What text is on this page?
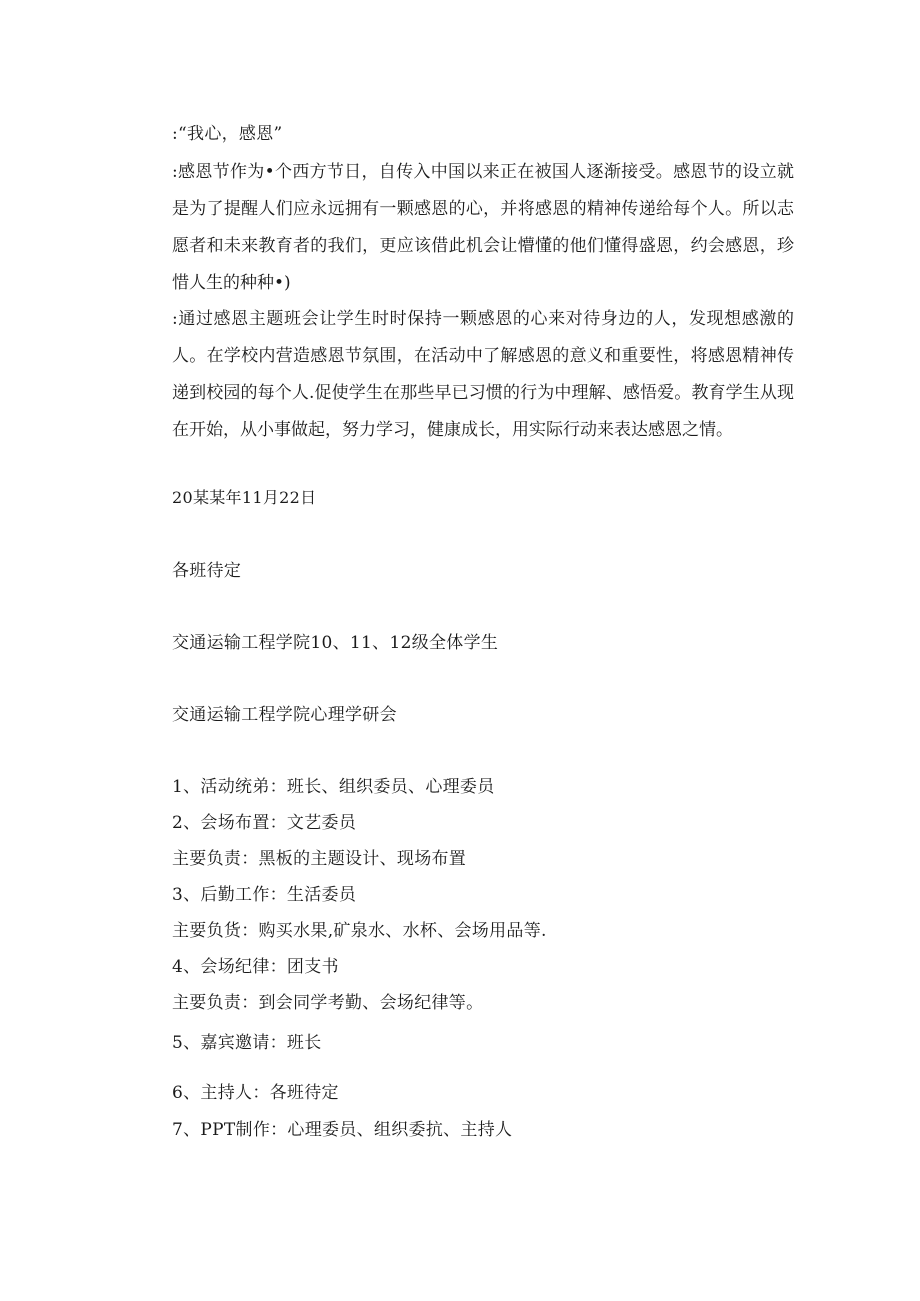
:“我心，感恩”
:感恩节作为•个西方节日，自传入中国以来正在被国人逐渐接受。感恩节的设立就是为了提醒人们应永远拥有一颗感恩的心，并将感恩的精神传递给每个人。所以志愿者和未来教育者的我们，更应该借此机会让懵懂的他们懂得盛恩，约会感恩，珍惜人生的种种•)
:通过感恩主题班会让学生时时保持一颗感恩的心来对待身边的人，发现想感激的人。在学校内营造感恩节氛围，在活动中了解感恩的意义和重要性，将感恩精神传递到校园的每个人.促使学生在那些早已习惯的行为中理解、感悟爱。教育学生从现在开始，从小事做起，努力学习，健康成长，用实际行动来表达感恩之情。
20某某年11月22日
各班待定
交通运输工程学院10、11、12级全体学生
交通运输工程学院心理学研会
1、活动统弟：班长、组织委员、心理委员
2、会场布置：文艺委员
主要负责：黑板的主题设计、现场布置
3、后勤工作：生活委员
主要负货：购买水果,矿泉水、水杯、会场用品等.
4、会场纪律：团支书
主要负责：到会同学考勤、会场纪律等。
5、嘉宾邀请：班长
6、主持人：各班待定
7、PPT制作：心理委员、组织委抗、主持人
